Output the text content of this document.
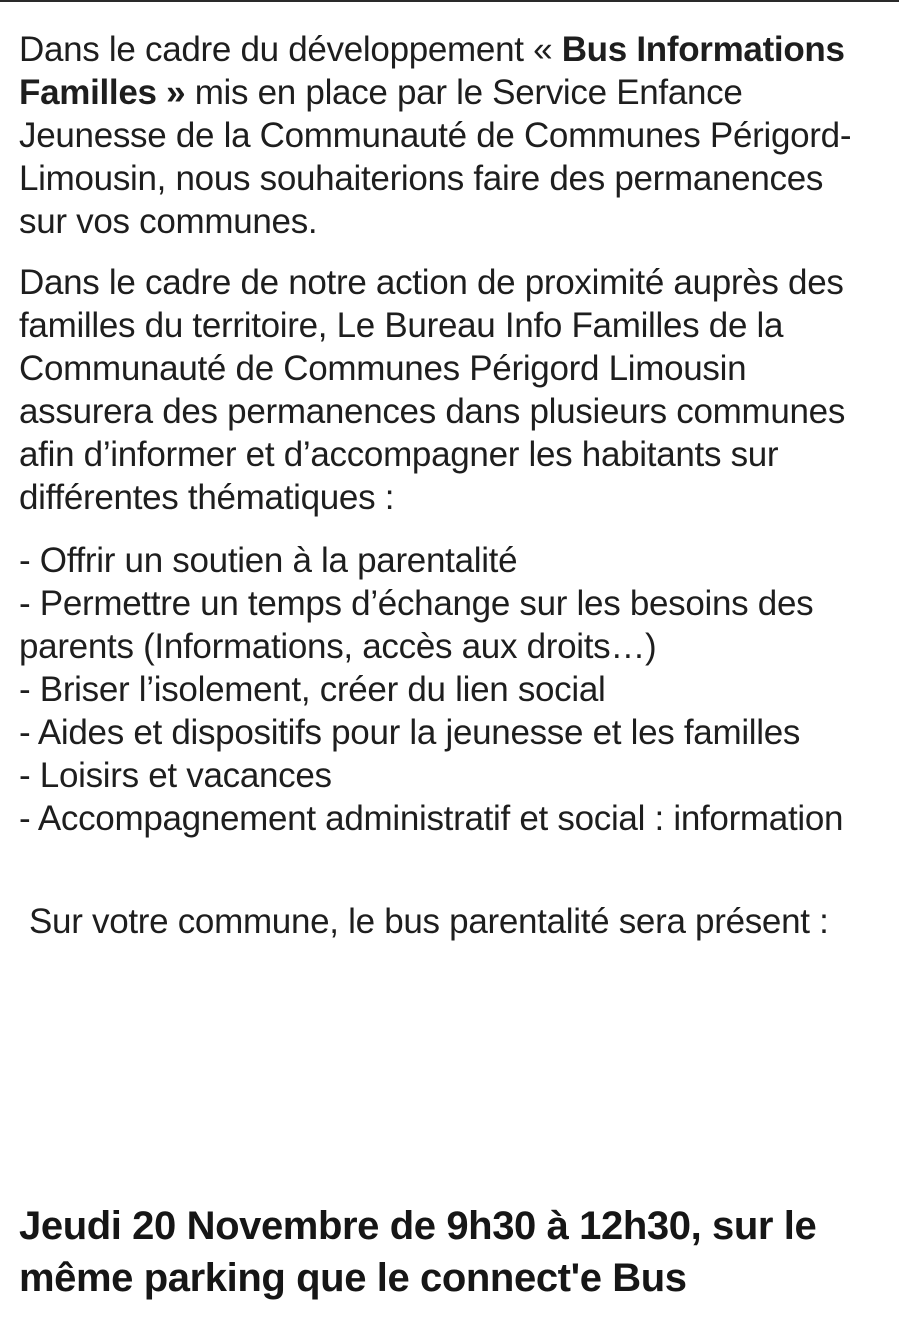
Dans le cadre du développement « Bus Informations Familles » mis en place par le Service Enfance Jeunesse de la Communauté de Communes Périgord-Limousin, nous souhaiterions faire des permanences sur vos communes.

Dans le cadre de notre action de proximité auprès des familles du territoire, Le Bureau Info Familles de la Communauté de Communes Périgord Limousin assurera des permanences dans plusieurs communes afin d’informer et d’accompagner les habitants sur différentes thématiques :

- Offrir un soutien à la parentalité
- Permettre un temps d’échange sur les besoins des parents (Informations, accès aux droits…)
- Briser l’isolement, créer du lien social
- Aides et dispositifs pour la jeunesse et les familles
- Loisirs et vacances
- Accompagnement administratif et social : information

Sur votre commune, le bus parentalité sera présent :

Jeudi 20 Novembre de 9h30 à 12h30, sur le même parking que le connect'e Bus
